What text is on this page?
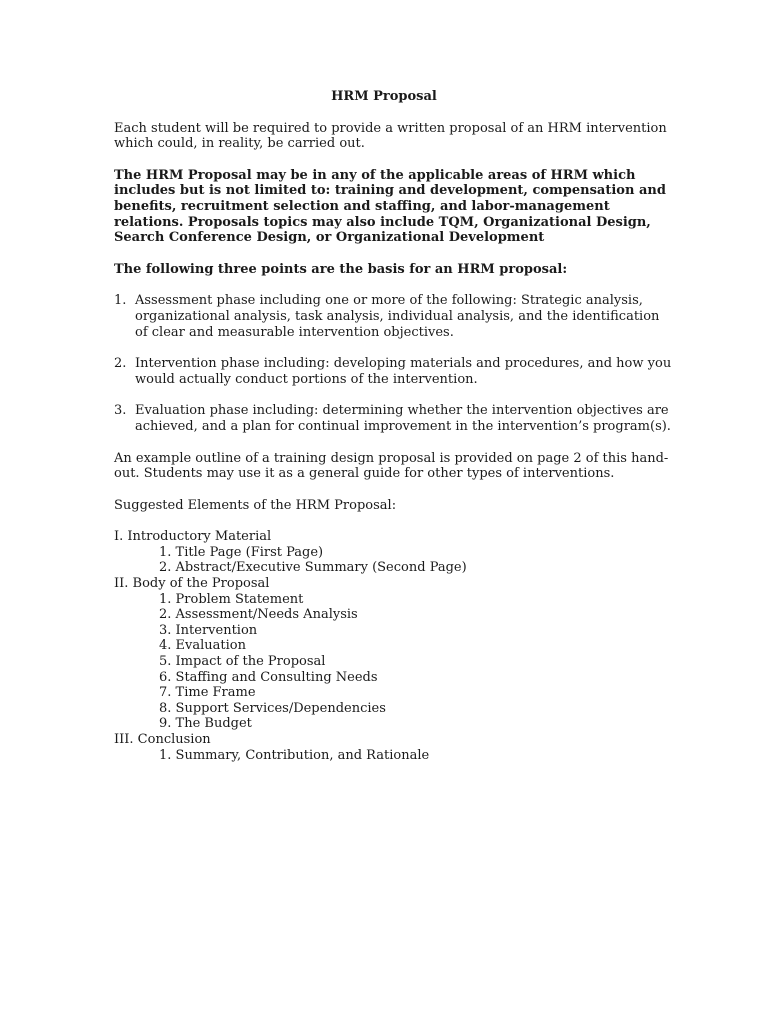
HRM Proposal

Each student will be required to provide a written proposal of an HRM intervention which could, in reality, be carried out.

The HRM Proposal may be in any of the applicable areas of HRM which includes but is not limited to: training and development, compensation and benefits, recruitment selection and staffing, and labor-management relations. Proposals topics may also include TQM, Organizational Design, Search Conference Design, or Organizational Development

The following three points are the basis for an HRM proposal:

1. Assessment phase including one or more of the following: Strategic analysis, organizational analysis, task analysis, individual analysis, and the identification of clear and measurable intervention objectives.
2. Intervention phase including: developing materials and procedures, and how you would actually conduct portions of the intervention.
3. Evaluation phase including: determining whether the intervention objectives are achieved, and a plan for continual improvement in the intervention’s program(s).

An example outline of a training design proposal is provided on page 2 of this hand-out. Students may use it as a general guide for other types of interventions.

Suggested Elements of the HRM Proposal:

I. Introductory Material
1. Title Page (First Page)
2. Abstract/Executive Summary (Second Page)
II. Body of the Proposal
1. Problem Statement
2. Assessment/Needs Analysis
3. Intervention
4. Evaluation
5. Impact of the Proposal
6. Staffing and Consulting Needs
7. Time Frame
8. Support Services/Dependencies
9. The Budget
III. Conclusion
1. Summary, Contribution, and Rationale
